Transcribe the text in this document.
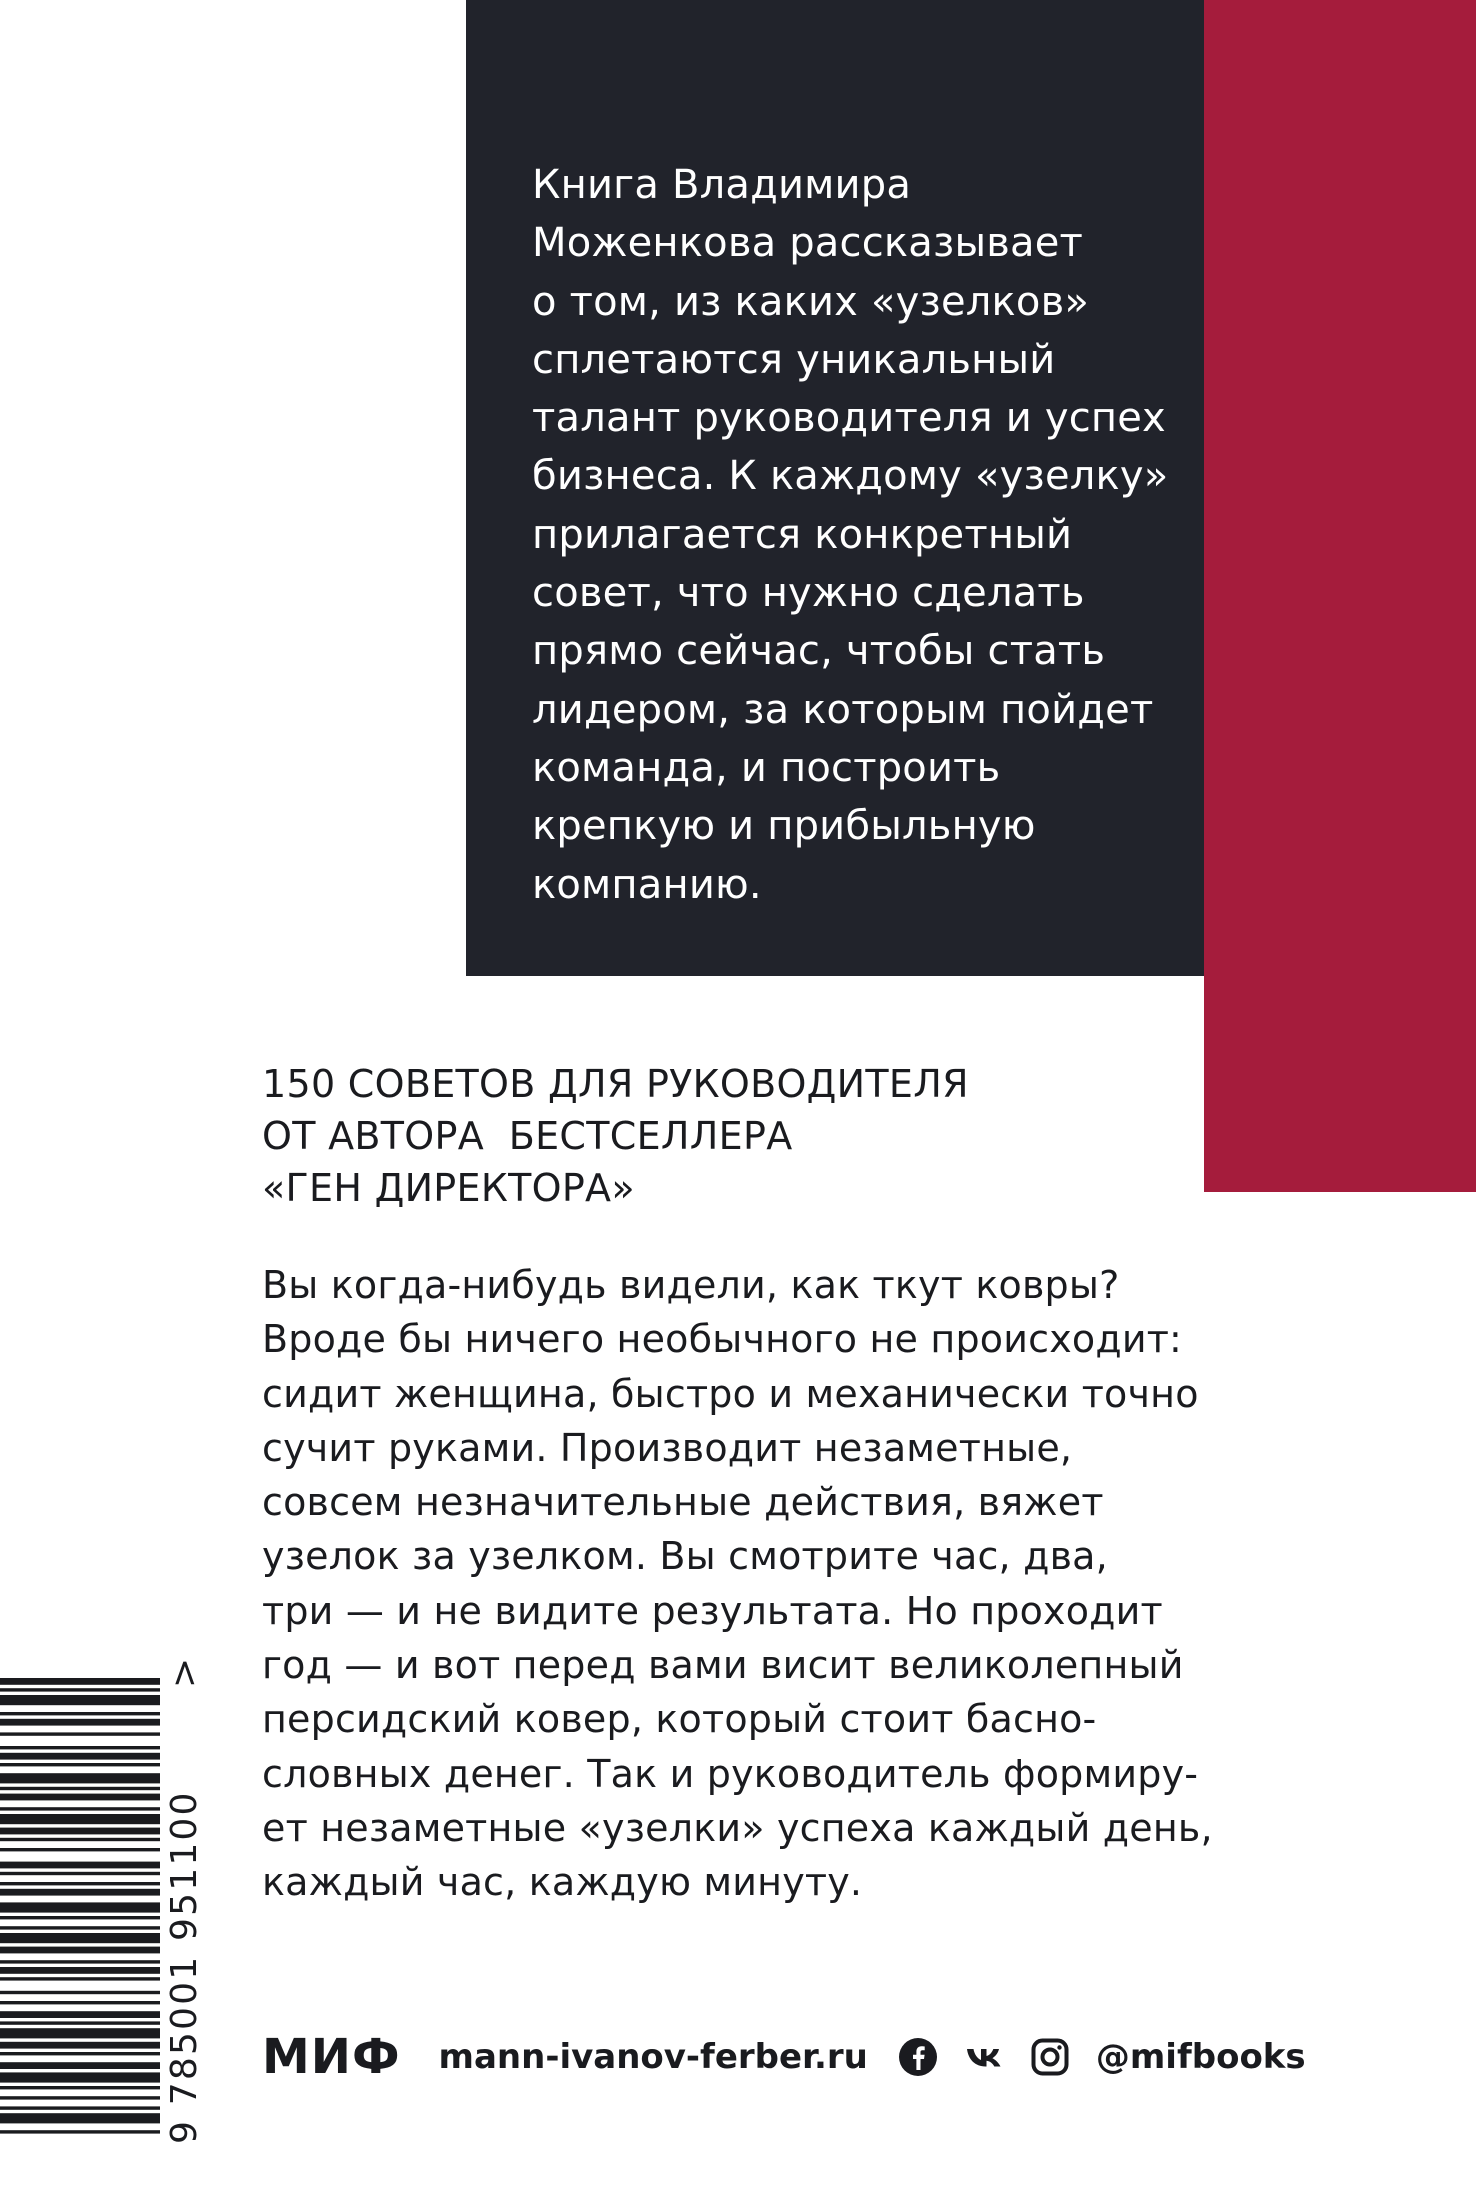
Книга Владимира
Моженкова рассказывает
о том, из каких «узелков»
сплетаются уникальный
талант руководителя и успех
бизнеса. К каждому «узелку»
прилагается конкретный
совет, что нужно сделать
прямо сейчас, чтобы стать
лидером, за которым пойдет
команда, и построить
крепкую и прибыльную
компанию.

150 СОВЕТОВ ДЛЯ РУКОВОДИТЕЛЯ
ОТ АВТОРА  БЕСТСЕЛЛЕРА
«ГЕН ДИРЕКТОРА»

Вы когда-нибудь видели, как ткут ковры?
Вроде бы ничего необычного не происходит:
сидит женщина, быстро и механически точно
сучит руками. Производит незаметные,
совсем незначительные действия, вяжет
узелок за узелком. Вы смотрите час, два,
три — и не видите результата. Но проходит
год — и вот перед вами висит великолепный
персидский ковер, который стоит басно-
словных денег. Так и руководитель формиру-
ет незаметные «узелки» успеха каждый день,
каждый час, каждую минуту.

9 785001 951100
>
МИФ mann-ivanov-ferber.ru	@mifbooks
